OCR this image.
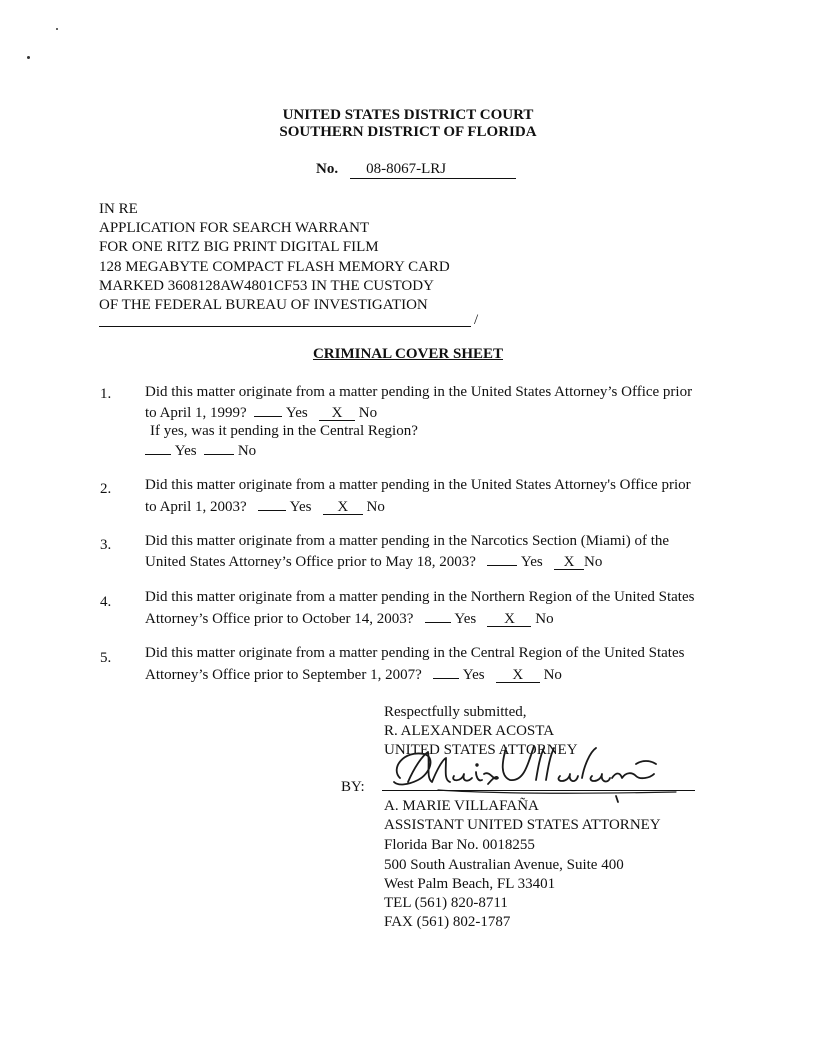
UNITED STATES DISTRICT COURT
SOUTHERN DISTRICT OF FLORIDA
No. 08-8067-LRJ
IN RE
APPLICATION FOR SEARCH WARRANT
FOR ONE RITZ BIG PRINT DIGITAL FILM
128 MEGABYTE COMPACT FLASH MEMORY CARD
MARKED 3608128AW4801CF53 IN THE CUSTODY
OF THE FEDERAL BUREAU OF INVESTIGATION
/
CRIMINAL COVER SHEET
1. Did this matter originate from a matter pending in the United States Attorney’s Office prior
to April 1, 1999?	Yes X No
If yes, was it pending in the Central Region?
Yes	No
2. Did this matter originate from a matter pending in the United States Attorney's Office prior
to April 1, 2003?	Yes X No
3. Did this matter originate from a matter pending in the Narcotics Section (Miami) of the
United States Attorney’s Office prior to May 18, 2003?	Yes X No
4. Did this matter originate from a matter pending in the Northern Region of the United States
Attorney’s Office prior to October 14, 2003?	Yes X No
5. Did this matter originate from a matter pending in the Central Region of the United States
Attorney’s Office prior to September 1, 2007?	Yes X No
Respectfully submitted,
R. ALEXANDER ACOSTA
UNITED STATES ATTORNEY
BY:
A. MARIE VILLAFAÑA
ASSISTANT UNITED STATES ATTORNEY
Florida Bar No. 0018255
500 South Australian Avenue, Suite 400
West Palm Beach, FL 33401
TEL (561) 820-8711
FAX (561) 802-1787
